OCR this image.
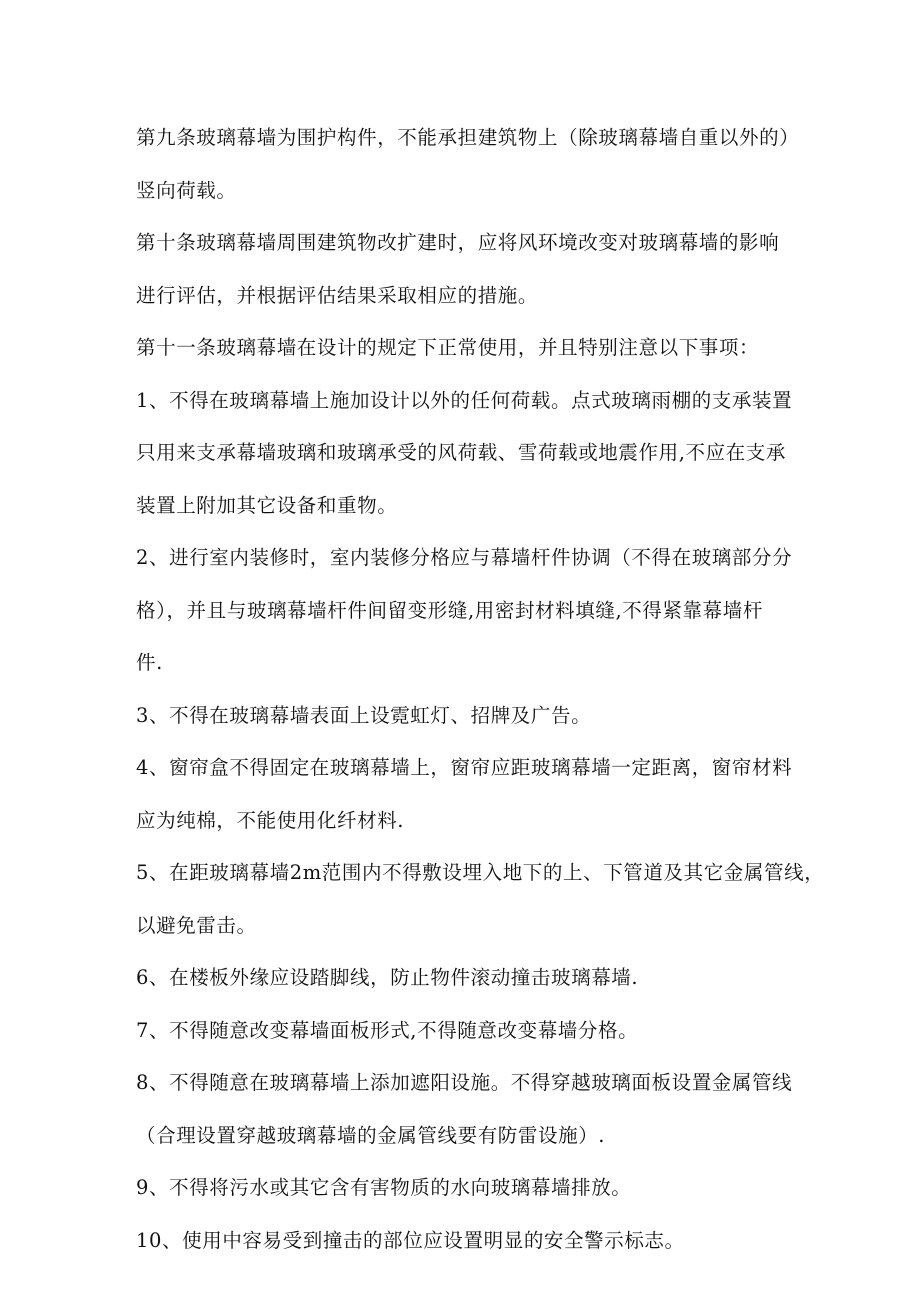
第九条玻璃幕墙为围护构件，不能承担建筑物上（除玻璃幕墙自重以外的）
竖向荷载。
第十条玻璃幕墙周围建筑物改扩建时，应将风环境改变对玻璃幕墙的影响
进行评估，并根据评估结果采取相应的措施。
第十一条玻璃幕墙在设计的规定下正常使用，并且特别注意以下事项：
1、不得在玻璃幕墙上施加设计以外的任何荷载。点式玻璃雨棚的支承装置
只用来支承幕墙玻璃和玻璃承受的风荷载、雪荷载或地震作用,不应在支承
装置上附加其它设备和重物。
2、进行室内装修时，室内装修分格应与幕墙杆件协调（不得在玻璃部分分
格），并且与玻璃幕墙杆件间留变形缝,用密封材料填缝,不得紧靠幕墙杆
件.
3、不得在玻璃幕墙表面上设霓虹灯、招牌及广告。
4、窗帘盒不得固定在玻璃幕墙上，窗帘应距玻璃幕墙一定距离，窗帘材料
应为纯棉，不能使用化纤材料.
5、在距玻璃幕墙2m范围内不得敷设埋入地下的上、下管道及其它金属管线，
以避免雷击。
6、在楼板外缘应设踏脚线，防止物件滚动撞击玻璃幕墙.
7、不得随意改变幕墙面板形式,不得随意改变幕墙分格。
8、不得随意在玻璃幕墙上添加遮阳设施。不得穿越玻璃面板设置金属管线
（合理设置穿越玻璃幕墙的金属管线要有防雷设施）.
9、不得将污水或其它含有害物质的水向玻璃幕墙排放。
10、使用中容易受到撞击的部位应设置明显的安全警示标志。
